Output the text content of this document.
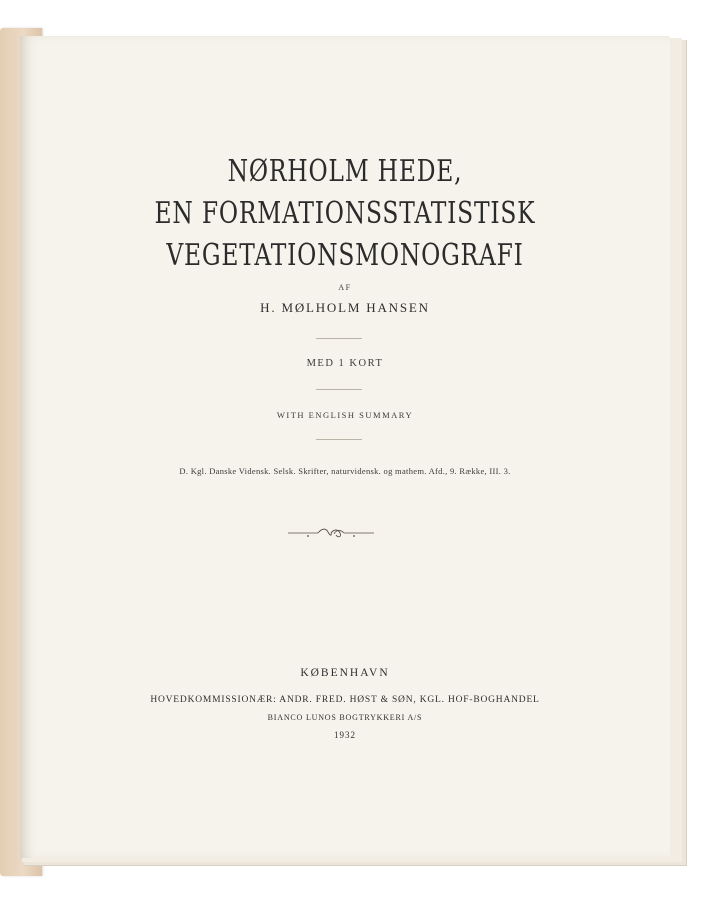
NØRHOLM HEDE,
EN FORMATIONSSTATISTISK
VEGETATIONSMONOGRAFI
AF
H. MØLHOLM HANSEN
MED 1 KORT
WITH ENGLISH SUMMARY
D. Kgl. Danske Vidensk. Selsk. Skrifter, naturvidensk. og mathem. Afd., 9. Række, III. 3.
KØBENHAVN
HOVEDKOMMISSIONÆR: ANDR. FRED. HØST & SØN, KGL. HOF-BOGHANDEL
BIANCO LUNOS BOGTRYKKERI A/S
1932
